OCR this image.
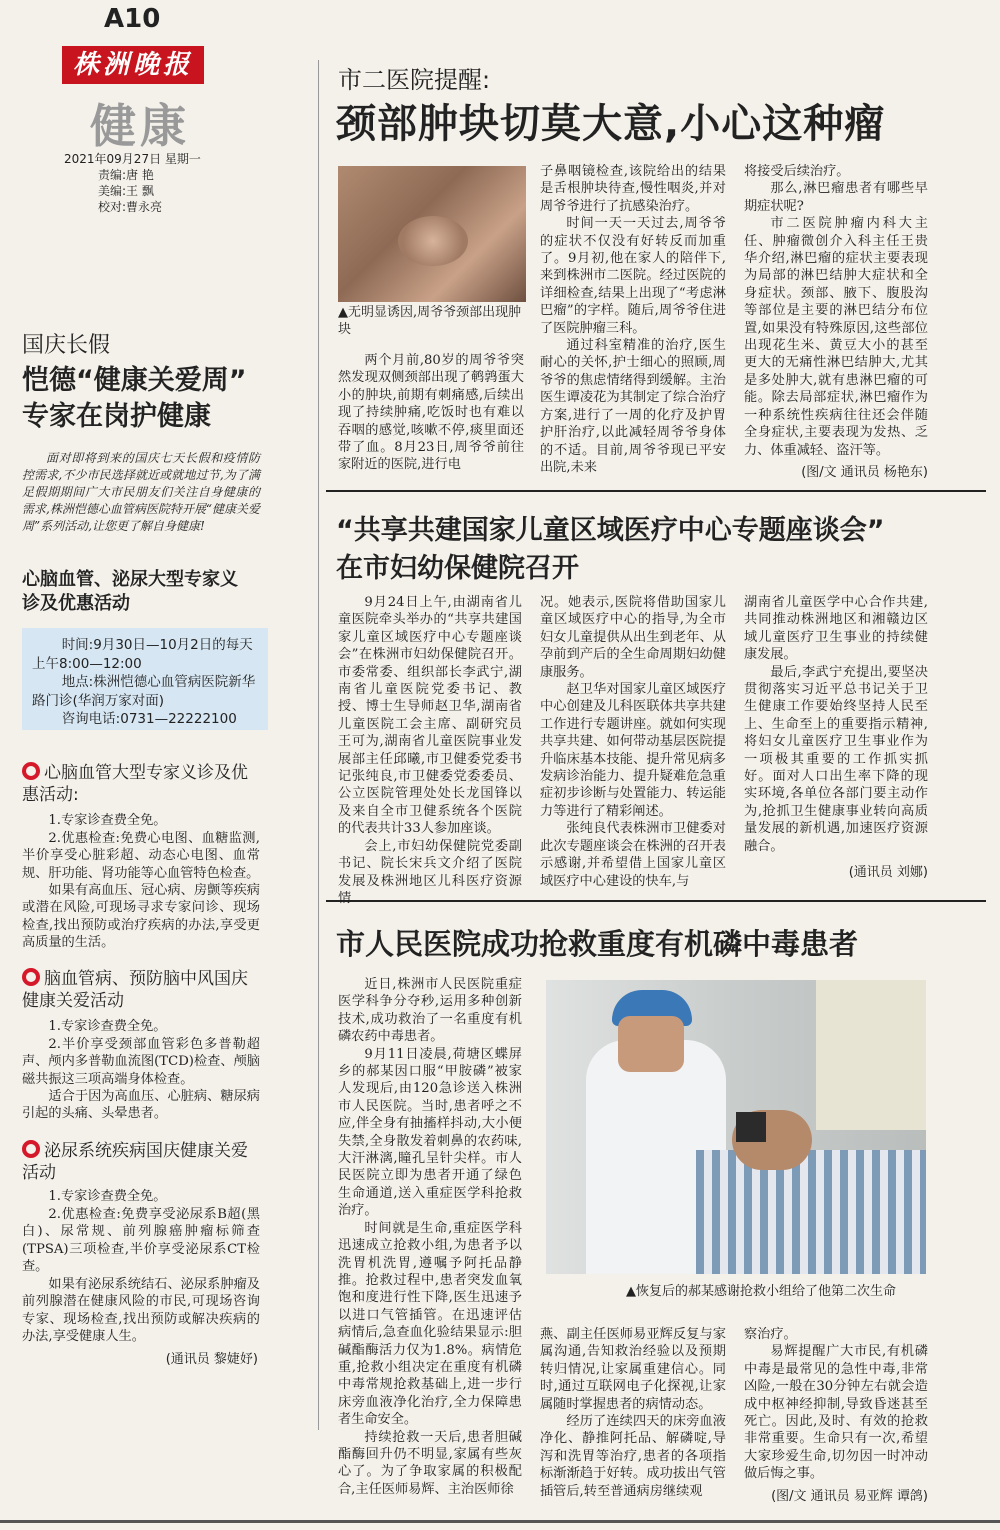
A10
株洲晚报
健康
2021年09月27日 星期一
责编:唐 艳
美编:王 飘
校对:曹永亮
国庆长假
恺德“健康关爱周”
专家在岗护健康
面对即将到来的国庆七天长假和疫情防控需求,不少市民选择就近或就地过节,为了满足假期期间广大市民朋友们关注自身健康的需求,株洲恺德心血管病医院特开展“健康关爱周”系列活动,让您更了解自身健康!
心脑血管、泌尿大型专家义诊及优惠活动
时间:9月30日—10月2日的每天上午8:00—12:00
地点:株洲恺德心血管病医院新华路门诊(华润万家对面)
咨询电话:0731—22222100
心脑血管大型专家义诊及优惠活动:
1.专家诊查费全免。
2.优惠检查:免费心电图、血糖监测,半价享受心脏彩超、动态心电图、血常规、肝功能、肾功能等心血管特色检查。
如果有高血压、冠心病、房颤等疾病或潜在风险,可现场寻求专家问诊、现场检查,找出预防或治疗疾病的办法,享受更高质量的生活。
脑血管病、预防脑中风国庆健康关爱活动
1.专家诊查费全免。
2.半价享受颈部血管彩色多普勒超声、颅内多普勒血流图(TCD)检查、颅脑磁共振这三项高端身体检查。
适合于因为高血压、心脏病、糖尿病引起的头痛、头晕患者。
泌尿系统疾病国庆健康关爱活动
1.专家诊查费全免。
2.优惠检查:免费享受泌尿系B超(黑白)、尿常规、前列腺癌肿瘤标筛查(TPSA)三项检查,半价享受泌尿系CT检查。
如果有泌尿系统结石、泌尿系肿瘤及前列腺潜在健康风险的市民,可现场咨询专家、现场检查,找出预防或解决疾病的办法,享受健康人生。
(通讯员 黎婕妤)
市二医院提醒:
颈部肿块切莫大意,小心这种瘤
▲无明显诱因,周爷爷颈部出现肿块
两个月前,80岁的周爷爷突然发现双侧颈部出现了鹌鹑蛋大小的肿块,前期有刺痛感,后续出现了持续肿痛,吃饭时也有难以吞咽的感觉,咳嗽不停,痰里面还带了血。8月23日,周爷爷前往家附近的医院,进行电
子鼻咽镜检查,该院给出的结果是舌根肿块待查,慢性咽炎,并对周爷爷进行了抗感染治疗。
时间一天一天过去,周爷爷的症状不仅没有好转反而加重了。9月初,他在家人的陪伴下,来到株洲市二医院。经过医院的详细检查,结果上出现了“考虑淋巴瘤”的字样。随后,周爷爷住进了医院肿瘤三科。
通过科室精准的治疗,医生耐心的关怀,护士细心的照顾,周爷爷的焦虑情绪得到缓解。主治医生谭凌花为其制定了综合治疗方案,进行了一周的化疗及护胃护肝治疗,以此减轻周爷爷身体的不适。目前,周爷爷现已平安出院,未来
将接受后续治疗。
那么,淋巴瘤患者有哪些早期症状呢?
市二医院肿瘤内科大主任、肿瘤微创介入科主任王贵华介绍,淋巴瘤的症状主要表现为局部的淋巴结肿大症状和全身症状。颈部、腋下、腹股沟等部位是主要的淋巴结分布位置,如果没有特殊原因,这些部位出现花生米、黄豆大小的甚至更大的无痛性淋巴结肿大,尤其是多处肿大,就有患淋巴瘤的可能。除去局部症状,淋巴瘤作为一种系统性疾病往往还会伴随全身症状,主要表现为发热、乏力、体重减轻、盗汗等。
(图/文 通讯员 杨艳东)
“共享共建国家儿童区域医疗中心专题座谈会”
在市妇幼保健院召开
9月24日上午,由湖南省儿童医院牵头举办的“共享共建国家儿童区域医疗中心专题座谈会”在株洲市妇幼保健院召开。市委常委、组织部长李武宁,湖南省儿童医院党委书记、教授、博士生导师赵卫华,湖南省儿童医院工会主席、副研究员王可为,湖南省儿童医院事业发展部主任邱曦,市卫健委党委书记张纯良,市卫健委党委委员、公立医院管理处处长龙国锋以及来自全市卫健系统各个医院的代表共计33人参加座谈。
会上,市妇幼保健院党委副书记、院长宋兵文介绍了医院发展及株洲地区儿科医疗资源情
况。她表示,医院将借助国家儿童区域医疗中心的指导,为全市妇女儿童提供从出生到老年、从孕前到产后的全生命周期妇幼健康服务。
赵卫华对国家儿童区域医疗中心创建及儿科医联体共享共建工作进行专题讲座。就如何实现共享共建、如何带动基层医院提升临床基本技能、提升常见病多发病诊治能力、提升疑难危急重症初步诊断与处置能力、转运能力等进行了精彩阐述。
张纯良代表株洲市卫健委对此次专题座谈会在株洲的召开表示感谢,并希望借上国家儿童区域医疗中心建设的快车,与
湖南省儿童医学中心合作共建,共同推动株洲地区和湘赣边区域儿童医疗卫生事业的持续健康发展。
最后,李武宁充提出,要坚决贯彻落实习近平总书记关于卫生健康工作要始终坚持人民至上、生命至上的重要指示精神,将妇女儿童医疗卫生事业作为一项极其重要的工作抓实抓好。面对人口出生率下降的现实环境,各单位各部门要主动作为,抢抓卫生健康事业转向高质量发展的新机遇,加速医疗资源融合。
(通讯员 刘娜)
市人民医院成功抢救重度有机磷中毒患者
▲恢复后的郝某感谢抢救小组给了他第二次生命
近日,株洲市人民医院重症医学科争分夺秒,运用多种创新技术,成功救治了一名重度有机磷农药中毒患者。
9月11日凌晨,荷塘区蝶屏乡的郝某因口服“甲胺磷”被家人发现后,由120急诊送入株洲市人民医院。当时,患者呼之不应,伴全身有抽搐样抖动,大小便失禁,全身散发着刺鼻的农药味,大汗淋漓,瞳孔呈针尖样。市人民医院立即为患者开通了绿色生命通道,送入重症医学科抢救治疗。
时间就是生命,重症医学科迅速成立抢救小组,为患者予以洗胃机洗胃,遵嘱予阿托品静推。抢救过程中,患者突发血氧饱和度进行性下降,医生迅速予以进口气管插管。在迅速评估病情后,急查血化验结果显示:胆碱酯酶活力仅为1.8%。病情危重,抢救小组决定在重度有机磷中毒常规抢救基础上,进一步行床旁血液净化治疗,全力保障患者生命安全。
持续抢救一天后,患者胆碱酯酶回升仍不明显,家属有些灰心了。为了争取家属的积极配合,主任医师易辉、主治医师徐
燕、副主任医师易亚辉反复与家属沟通,告知救治经验以及预期转归情况,让家属重建信心。同时,通过互联网电子化探视,让家属随时掌握患者的病情动态。
经历了连续四天的床旁血液净化、静推阿托品、解磷啶,导泻和洗胃等治疗,患者的各项指标渐渐趋于好转。成功拔出气管插管后,转至普通病房继续观
察治疗。
易辉提醒广大市民,有机磷中毒是最常见的急性中毒,非常凶险,一般在30分钟左右就会造成中枢神经抑制,导致昏迷甚至死亡。因此,及时、有效的抢救非常重要。生命只有一次,希望大家珍爱生命,切勿因一时冲动做后悔之事。
(图/文 通讯员 易亚辉 谭鸽)
